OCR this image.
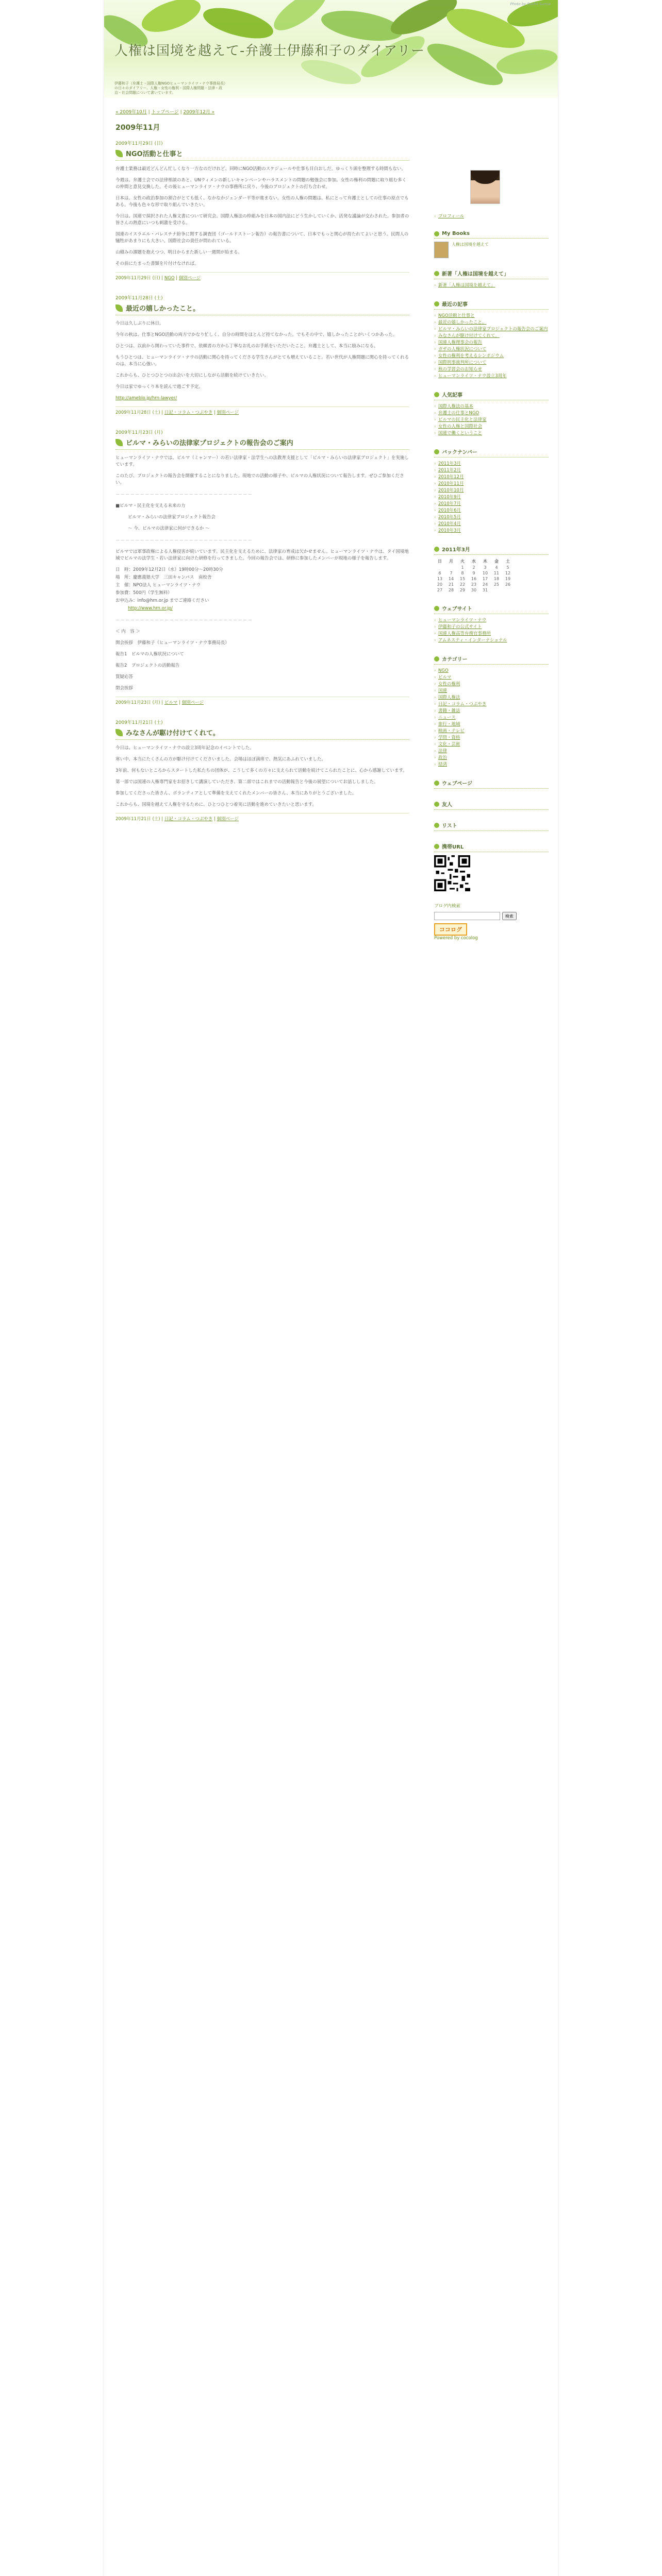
Photo by Rushii Sumia
人権は国境を越えて-弁護士伊藤和子のダイアリー
伊藤和子（弁護士・国際人権NGOヒューマンライツ・ナウ事務局長）の日々のダイアリー。人権・女性の権利・国際人権問題・法律・政治・社会問題について書いています。
« 2009年10月 | トップページ | 2009年12月 »
2009年11月
2009年11月29日 (日)
NGO活動と仕事と

弁護士業務は最近どんどん忙しくなり一方なのだけれど、同時にNGO活動のスケジュールや仕事も目白おしだ。ゆっくり頭を整理する時間もない。

今週は、弁護士会での法律相談のあと、UNウィメンの新しいキャンペーンやハラスメントの問題の勉強会に参加。女性の権利の問題に取り組む多くの仲間と意見交換した。その後ヒューマンライツ・ナウの事務所に戻り、今後のプロジェクトの打ち合わせ。

日本は、女性の政治参加の割合がとても低く、なかなかジェンダー平等が進まない。女性の人権の問題は、私にとって弁護士としての仕事の原点でもある。今後も色々な形で取り組んでいきたい。

今日は、国連で採択された人権文書について研究会。国際人権法の枠組みを日本の国内法にどう生かしていくか、活発な議論が交わされた。参加者の皆さんの熱意にいつも刺激を受ける。

国連のイスラエル・パレスチナ紛争に関する調査団（ゴールドストーン報告）の報告書について、日本でもっと関心が持たれてよいと思う。民間人の犠牲があまりにも大きい。国際社会の責任が問われている。

山積みの課題を抱えつつ、明日からまた新しい一週間が始まる。

その前にたまった書類を片付けなければ。

2009年11月29日 (日) | NGO | 個別ページ
2009年11月28日 (土)
最近の嬉しかったこと。

今日は久しぶりに休日。

今年の秋は、仕事とNGO活動の両方でかなり忙しく、自分の時間をほとんど持てなかった。でもその中で、嬉しかったことがいくつかあった。

ひとつは、以前から関わっていた事件で、依頼者の方から丁寧なお礼のお手紙をいただいたこと。弁護士として、本当に励みになる。

もうひとつは、ヒューマンライツ・ナウの活動に関心を持ってくださる学生さんがとても増えていること。若い世代が人権問題に関心を持ってくれるのは、本当に心強い。

これからも、ひとつひとつの出会いを大切にしながら活動を続けていきたい。

今日は家でゆっくり本を読んで過ごす予定。

http://ameblo.jp/hrn-lawyer/

2009年11月28日 (土) | 日記・コラム・つぶやき | 個別ページ
2009年11月23日 (月)
ビルマ・みらいの法律家プロジェクトの報告会のご案内

ヒューマンライツ・ナウでは、ビルマ（ミャンマー）の若い法律家・法学生への法教育支援として「ビルマ・みらいの法律家プロジェクト」を実施しています。

このたび、プロジェクトの報告会を開催することになりました。現地での活動の様子や、ビルマの人権状況について報告します。ぜひご参加ください。

－－－－－－－－－－－－－－－－－－－－－－－－－－－－

■ビルマ・民主化を支える未来の力

ビルマ・みらいの法律家プロジェクト報告会

～ 今、ビルマの法律家に何ができるか ～

－－－－－－－－－－－－－－－－－－－－－－－－－－－－

ビルマでは軍事政権による人権侵害が続いています。民主化を支えるために、法律家の育成は欠かせません。ヒューマンライツ・ナウは、タイ国境地域でビルマの法学生・若い法律家に向けた研修を行ってきました。今回の報告会では、研修に参加したメンバーが現地の様子を報告します。

日　時：2009年12月2日（水）19時00分～20時30分

場　所：慶應義塾大学　三田キャンパス　南校舎

主　催：NPO法人 ヒューマンライツ・ナウ

参加費：500円（学生無料）

お申込み：info@hrn.or.jp までご連絡ください

http://www.hrn.or.jp/

－－－－－－－－－－－－－－－－－－－－－－－－－－－－

＜ 内　容 ＞

開会挨拶　伊藤和子（ヒューマンライツ・ナウ事務局長）

報告1　ビルマの人権状況について

報告2　プロジェクトの活動報告

質疑応答

閉会挨拶

2009年11月23日 (月) | ビルマ | 個別ページ
2009年11月21日 (土)
みなさんが駆け付けてくれて。

今日は、ヒューマンライツ・ナウの設立3周年記念のイベントでした。

寒い中、本当にたくさんの方が駆け付けてくださいました。会場はほぼ満席で、熱気にあふれていました。

3年前、何もないところからスタートした私たちの団体が、こうして多くの方々に支えられて活動を続けてこられたことに、心から感謝しています。

第一部では国連の人権専門家をお招きして講演していただき、第二部ではこれまでの活動報告と今後の展望についてお話ししました。

参加してくださった皆さん、ボランティアとして準備を支えてくれたメンバーの皆さん、本当にありがとうございました。

これからも、国境を越えて人権を守るために、ひとつひとつ着実に活動を進めていきたいと思います。

2009年11月21日 (土) | 日記・コラム・つぶやき | 個別ページ
› プロフィール
My Books
人権は国境を越えて
新著「人権は国境を越えて」
› 新著「人権は国境を越えて」
最近の記事
› NGO活動と仕事と
› 最近の嬉しかったこと。
› ビルマ・みらいの法律家プロジェクトの報告会のご案内
› みなさんが駆け付けてくれて。
› 国連人権理事会の報告
› ガザの人権状況について
› 女性の権利を考えるシンポジウム
› 国際刑事裁判所について
› 秋の学習会のお知らせ
› ヒューマンライツ・ナウ設立3周年
人気記事
› 国際人権法の基本
› 弁護士の仕事とNGO
› ビルマの民主化と法律家
› 女性の人権と国際社会
› 国連で働くということ
バックナンバー
› 2011年3月
› 2011年2月
› 2010年12月
› 2010年11月
› 2010年10月
› 2010年9月
› 2010年7月
› 2010年6月
› 2010年5月
› 2010年4月
› 2010年3月
2011年3月
日	月	火	水	木	金	土
		1	2	3	4	5
6	7	8	9	10	11	12
13	14	15	16	17	18	19
20	21	22	23	24	25	26
27	28	29	30	31		
ウェブサイト
› ヒューマンライツ・ナウ
› 伊藤和子の公式サイト
› 国連人権高等弁務官事務所
› アムネスティ・インターナショナル
カテゴリー
› NGO
› ビルマ
› 女性の権利
› 国連
› 国際人権法
› 日記・コラム・つぶやき
› 書籍・雑誌
› ニュース
› 旅行・地域
› 映画・テレビ
› 学問・資格
› 文化・芸術
› 法律
› 政治
› 経済
ウェブページ
友人
リスト
携帯URL
ブログ内検索
検索
ココログ
Powered by cocolog
